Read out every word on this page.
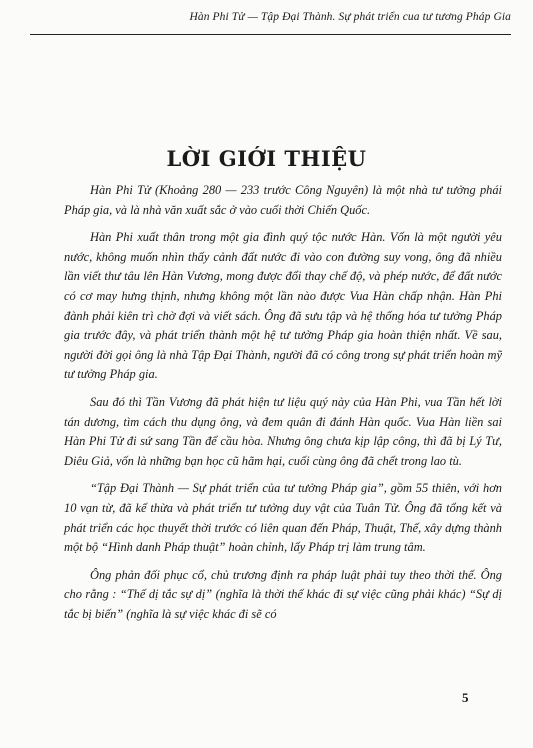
Hàn Phi Tử — Tập Đại Thành. Sự phát triển cua tư tương Pháp Gia
LỜI GIỚI THIỆU

Hàn Phi Tử (Khoảng 280 — 233 trước Công Nguyên) là một nhà tư tưởng phái Pháp gia, và là nhà văn xuất sắc ở vào cuối thời Chiến Quốc.

Hàn Phi xuất thân trong một gia đình quý tộc nước Hàn. Vốn là một người yêu nước, không muốn nhìn thấy cảnh đất nước đi vào con đường suy vong, ông đã nhiều lần viết thư tâu lên Hàn Vương, mong được đổi thay chế độ, và phép nước, để đất nước có cơ may hưng thịnh, nhưng không một lần nào được Vua Hàn chấp nhận. Hàn Phi đành phải kiên trì chờ đợi và viết sách. Ông đã sưu tập và hệ thống hóa tư tưởng Pháp gia trước đây, và phát triển thành một hệ tư tưởng Pháp gia hoàn thiện nhất. Về sau, người đời gọi ông là nhà Tập Đại Thành, người đã có công trong sự phát triển hoàn mỹ tư tưởng Pháp gia.

Sau đó thì Tần Vương đã phát hiện tư liệu quý này của Hàn Phi, vua Tần hết lời tán dương, tìm cách thu dụng ông, và đem quân đi đánh Hàn quốc. Vua Hàn liền sai Hàn Phi Tử đi sứ sang Tần để cầu hòa. Nhưng ông chưa kịp lập công, thì đã bị Lý Tư, Diêu Giả, vốn là những bạn học cũ hãm hại, cuối cùng ông đã chết trong lao tù.

“Tập Đại Thành — Sự phát triển của tư tưởng Pháp gia”, gồm 55 thiên, với hơn 10 vạn từ, đã kế thừa và phát triển tư tưởng duy vật của Tuân Tử. Ông đã tổng kết và phát triển các học thuyết thời trước có liên quan đến Pháp, Thuật, Thế, xây dựng thành một bộ “Hình danh Pháp thuật” hoàn chỉnh, lấy Pháp trị làm trung tâm.

Ông phản đối phục cổ, chủ trương định ra pháp luật phải tuy theo thời thế. Ông cho rằng : “Thế dị tắc sự dị” (nghĩa là thời thế khác đi sự việc cũng phải khác) “Sự dị tắc bị biến” (nghĩa là sự việc khác đi sẽ có

5
